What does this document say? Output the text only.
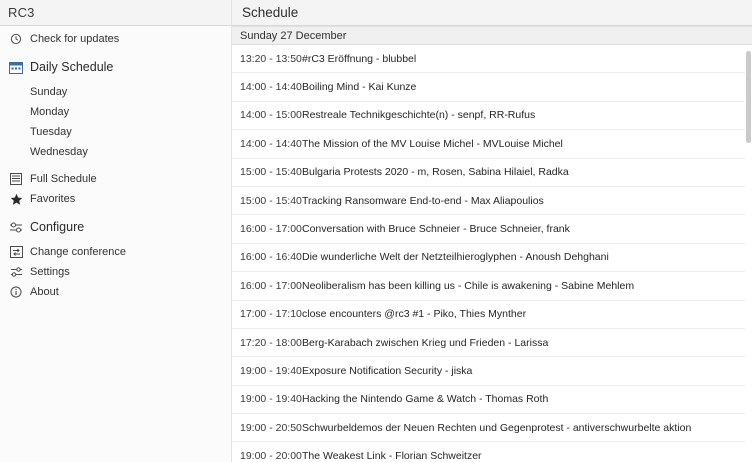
RC3	Schedule
Check for updates
Daily Schedule
Sunday
Monday
Tuesday
Wednesday
Full Schedule
Favorites
Configure
Change conference
Settings
About
Sunday 27 December
13:20 - 13:50 #rC3 Eröffnung - blubbel
14:00 - 14:40 Boiling Mind - Kai Kunze
14:00 - 15:00 Restreale Technikgeschichte(n) - senpf, RR-Rufus
14:00 - 14:40 The Mission of the MV Louise Michel - MVLouise Michel
15:00 - 15:40 Bulgaria Protests 2020 - m, Rosen, Sabina Hilaiel, Radka
15:00 - 15:40 Tracking Ransomware End-to-end - Max Aliapoulios
16:00 - 17:00 Conversation with Bruce Schneier - Bruce Schneier, frank
16:00 - 16:40 Die wunderliche Welt der Netzteilhieroglyphen - Anoush Dehghani
16:00 - 17:00 Neoliberalism has been killing us - Chile is awakening - Sabine Mehlem
17:00 - 17:10 close encounters @rc3 #1 - Piko, Thies Mynther
17:20 - 18:00 Berg-Karabach zwischen Krieg und Frieden - Larissa
19:00 - 19:40 Exposure Notification Security - jiska
19:00 - 19:40 Hacking the Nintendo Game & Watch - Thomas Roth
19:00 - 20:50 Schwurbeldemos der Neuen Rechten und Gegenprotest - antiverschwurbelte aktion
19:00 - 20:00 The Weakest Link - Florian Schweitzer
